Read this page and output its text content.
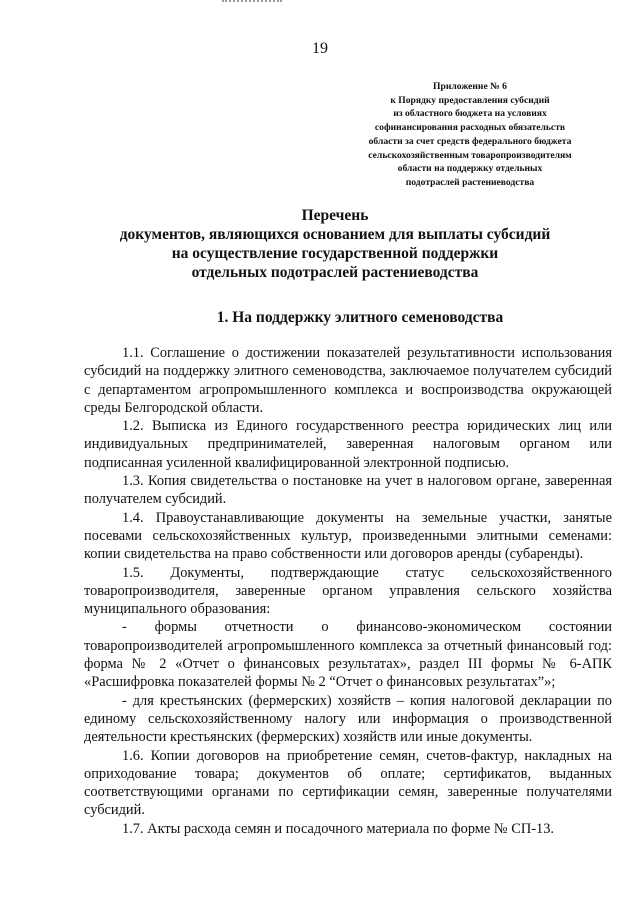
19
Приложение № 6
к Порядку предоставления субсидий
из областного бюджета на условиях
софинансирования расходных обязательств
области за счет средств федерального бюджета
сельскохозяйственным товаропроизводителям
области на поддержку отдельных
подотраслей растениеводства
Перечень
документов, являющихся основанием для выплаты субсидий
на осуществление государственной поддержки
отдельных подотраслей растениеводства
1. На поддержку элитного семеноводства

1.1. Соглашение о достижении показателей результативности использования субсидий на поддержку элитного семеноводства, заключаемое получателем субсидий с департаментом агропромышленного комплекса и воспроизводства окружающей среды Белгородской области.

1.2. Выписка из Единого государственного реестра юридических лиц или индивидуальных предпринимателей, заверенная налоговым органом или подписанная усиленной квалифицированной электронной подписью.

1.3. Копия свидетельства о постановке на учет в налоговом органе, заверенная получателем субсидий.

1.4. Правоустанавливающие документы на земельные участки, занятые посевами сельскохозяйственных культур, произведенными элитными семенами: копии свидетельства на право собственности или договоров аренды (субаренды).

1.5. Документы, подтверждающие статус сельскохозяйственного товаропроизводителя, заверенные органом управления сельского хозяйства муниципального образования:

- формы отчетности о финансово-экономическом состоянии товаропроизводителей агропромышленного комплекса за отчетный финансовый год: форма № 2 «Отчет о финансовых результатах», раздел III формы № 6-АПК «Расшифровка показателей формы № 2 “Отчет о финансовых результатах”»;

- для крестьянских (фермерских) хозяйств – копия налоговой декларации по единому сельскохозяйственному налогу или информация о производственной деятельности крестьянских (фермерских) хозяйств или иные документы.

1.6. Копии договоров на приобретение семян, счетов-фактур, накладных на оприходование товара; документов об оплате; сертификатов, выданных соответствующими органами по сертификации семян, заверенные получателями субсидий.

1.7. Акты расхода семян и посадочного материала по форме № СП-13.
